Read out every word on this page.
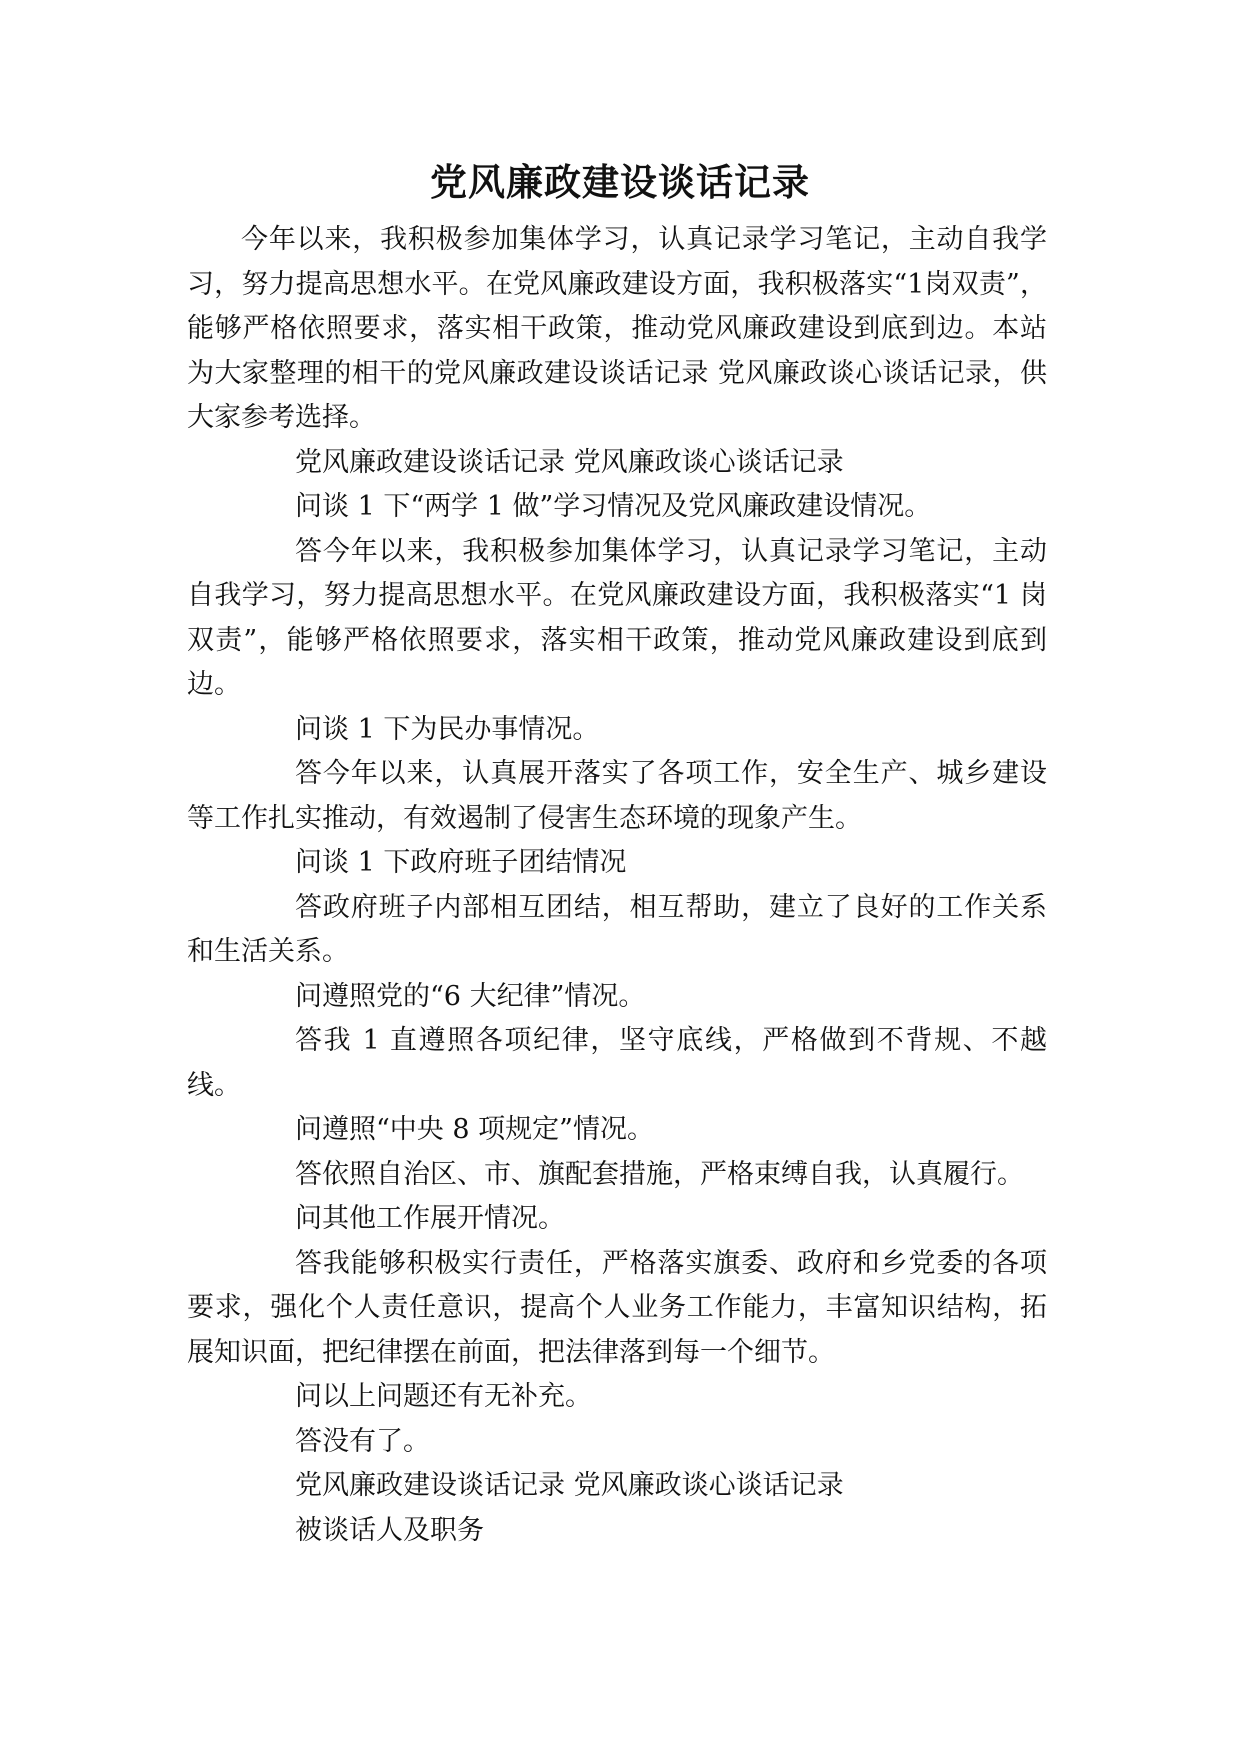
党风廉政建设谈话记录

今年以来，我积极参加集体学习，认真记录学习笔记，主动自我学习，努力提高思想水平。在党风廉政建设方面，我积极落实“1岗双责”，能够严格依照要求，落实相干政策，推动党风廉政建设到底到边。本站为大家整理的相干的党风廉政建设谈话记录 党风廉政谈心谈话记录，供大家参考选择。

党风廉政建设谈话记录 党风廉政谈心谈话记录

问谈 1 下“两学 1 做”学习情况及党风廉政建设情况。

答今年以来，我积极参加集体学习，认真记录学习笔记，主动自我学习，努力提高思想水平。在党风廉政建设方面，我积极落实“1 岗双责”，能够严格依照要求，落实相干政策，推动党风廉政建设到底到边。

问谈 1 下为民办事情况。

答今年以来，认真展开落实了各项工作，安全生产、城乡建设等工作扎实推动，有效遏制了侵害生态环境的现象产生。

问谈 1 下政府班子团结情况

答政府班子内部相互团结，相互帮助，建立了良好的工作关系和生活关系。

问遵照党的“6 大纪律”情况。

答我 1 直遵照各项纪律，坚守底线，严格做到不背规、不越线。

问遵照“中央 8 项规定”情况。

答依照自治区、市、旗配套措施，严格束缚自我，认真履行。

问其他工作展开情况。

答我能够积极实行责任，严格落实旗委、政府和乡党委的各项要求，强化个人责任意识，提高个人业务工作能力，丰富知识结构，拓展知识面，把纪律摆在前面，把法律落到每一个细节。

问以上问题还有无补充。

答没有了。

党风廉政建设谈话记录 党风廉政谈心谈话记录

被谈话人及职务
